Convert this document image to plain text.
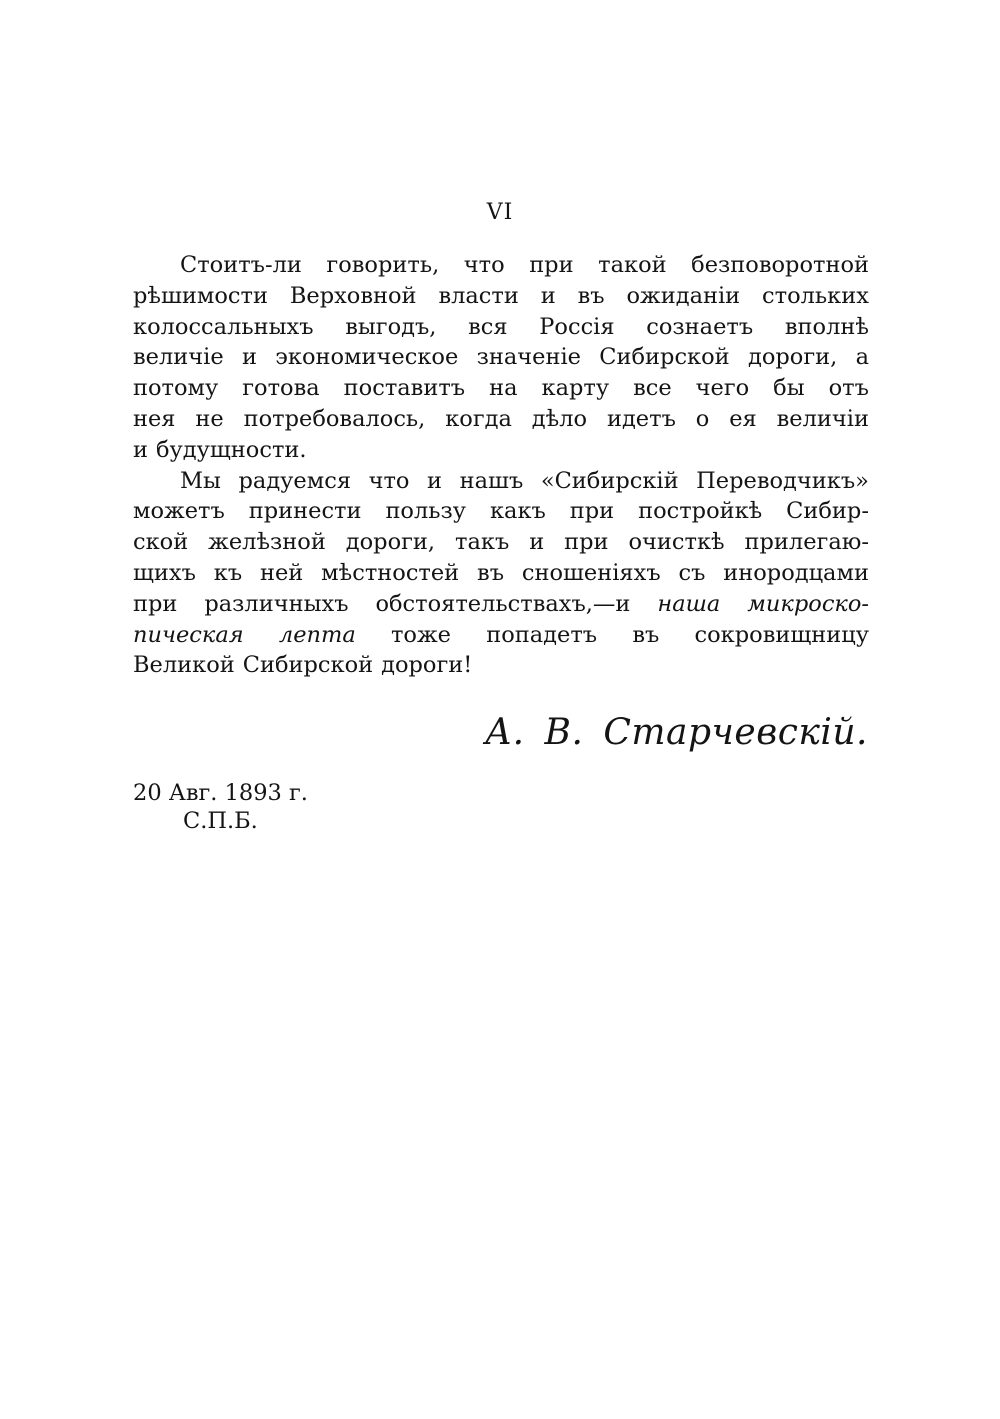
VI
Стоитъ-ли говорить, что при такой безповоротной
рѣшимости Верховной власти и въ ожиданіи стольких
колоссальныхъ выгодъ, вся Россія сознаетъ вполнѣ
величіе и экономическое значеніе Сибирской дороги, а
потому готова поставитъ на карту все чего бы отъ
нея не потребовалось, когда дѣло идетъ о ея величіи
и будущности.
Мы радуемся что и нашъ «Сибирскій Переводчикъ»
можетъ принести пользу какъ при постройкѣ Сибир-
ской желѣзной дороги, такъ и при очисткѣ прилегаю-
щихъ къ ней мѣстностей въ сношеніяхъ съ инородцами
при различныхъ обстоятельствахъ,—и наша микроско-
пическая лепта тоже попадетъ въ сокровищницу
Великой Сибирской дороги!
А. В. Старчевскій.
20 Авг. 1893 г.
С.П.Б.
